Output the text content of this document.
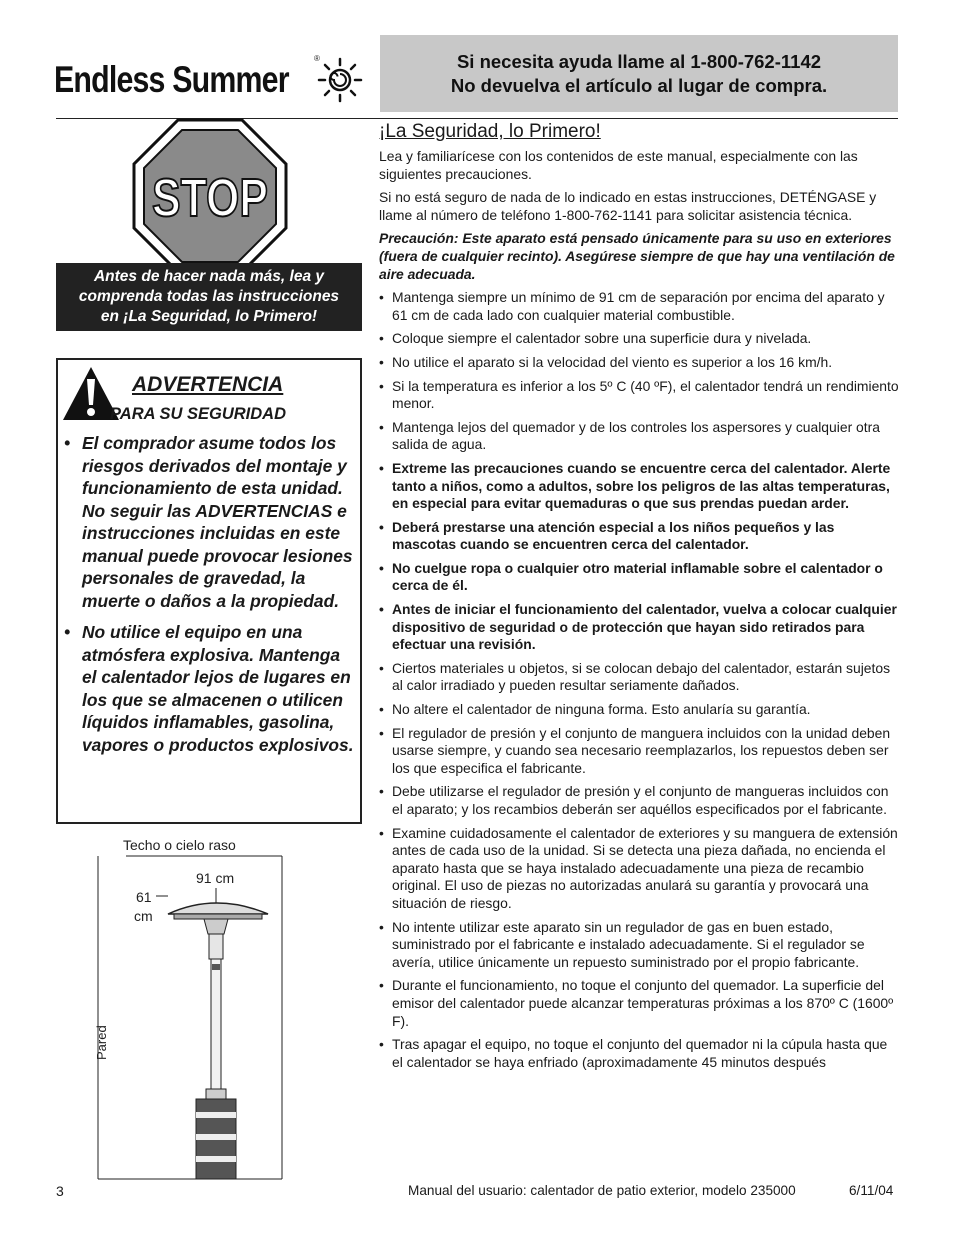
Endless Summer
®	Si necesita ayuda llame al 1-800-762-1142
No devuelva el artículo al lugar de compra.
STOP
Antes de hacer nada más, lea y
comprenda todas las instrucciones
en ¡La Seguridad, lo Primero!
ADVERTENCIA
PARA SU SEGURIDAD
• El comprador asume todos los riesgos derivados del montaje y funcionamiento de esta unidad. No seguir las ADVERTENCIAS e instrucciones incluidas en este manual puede provocar lesiones personales de gravedad, la muerte o daños a la propiedad.
• No utilice el equipo en una atmósfera explosiva. Mantenga el calentador lejos de lugares en los que se almacenen o utilicen líquidos inflamables, gasolina, vapores o productos explosivos.
Techo o cielo raso
91 cm
61
cm
Pared
¡La Seguridad, lo Primero!

Lea y familiarícese con los contenidos de este manual, especialmente con las siguientes precauciones.

Si no está seguro de nada de lo indicado en estas instrucciones, DETÉNGASE y llame al número de teléfono 1-800-762-1141 para solicitar asistencia técnica.

Precaución: Este aparato está pensado únicamente para su uso en exteriores (fuera de cualquier recinto). Asegúrese siempre de que hay una ventilación de aire adecuada.

• Mantenga siempre un mínimo de 91 cm de separación por encima del aparato y 61 cm de cada lado con cualquier material combustible.
• Coloque siempre el calentador sobre una superficie dura y nivelada.
• No utilice el aparato si la velocidad del viento es superior a los 16 km/h.
• Si la temperatura es inferior a los 5º C (40 ºF), el calentador tendrá un rendimiento menor.
• Mantenga lejos del quemador y de los controles los aspersores y cualquier otra salida de agua.
• Extreme las precauciones cuando se encuentre cerca del calentador. Alerte tanto a niños, como a adultos, sobre los peligros de las altas temperaturas, en especial para evitar quemaduras o que sus prendas puedan arder.
• Deberá prestarse una atención especial a los niños pequeños y las mascotas cuando se encuentren cerca del calentador.
• No cuelgue ropa o cualquier otro material inflamable sobre el calentador o cerca de él.
• Antes de iniciar el funcionamiento del calentador, vuelva a colocar cualquier dispositivo de seguridad o de protección que hayan sido retirados para efectuar una revisión.
• Ciertos materiales u objetos, si se colocan debajo del calentador, estarán sujetos al calor irradiado y pueden resultar seriamente dañados.
• No altere el calentador de ninguna forma. Esto anularía su garantía.
• El regulador de presión y el conjunto de manguera incluidos con la unidad deben usarse siempre, y cuando sea necesario reemplazarlos, los repuestos deben ser los que especifica el fabricante.
• Debe utilizarse el regulador de presión y el conjunto de mangueras incluidos con el aparato; y los recambios deberán ser aquéllos especificados por el fabricante.
• Examine cuidadosamente el calentador de exteriores y su manguera de extensión antes de cada uso de la unidad. Si se detecta una pieza dañada, no encienda el aparato hasta que se haya instalado adecuadamente una pieza de recambio original. El uso de piezas no autorizadas anulará su garantía y provocará una situación de riesgo.
• No intente utilizar este aparato sin un regulador de gas en buen estado, suministrado por el fabricante e instalado adecuadamente. Si el regulador se avería, utilice únicamente un repuesto suministrado por el propio fabricante.
• Durante el funcionamiento, no toque el conjunto del quemador. La superficie del emisor del calentador puede alcanzar temperaturas próximas a los 870º C (1600º F).
• Tras apagar el equipo, no toque el conjunto del quemador ni la cúpula hasta que el calentador se haya enfriado (aproximadamente 45 minutos después
3	Manual del usuario: calentador de patio exterior, modelo 235000	6/11/04
